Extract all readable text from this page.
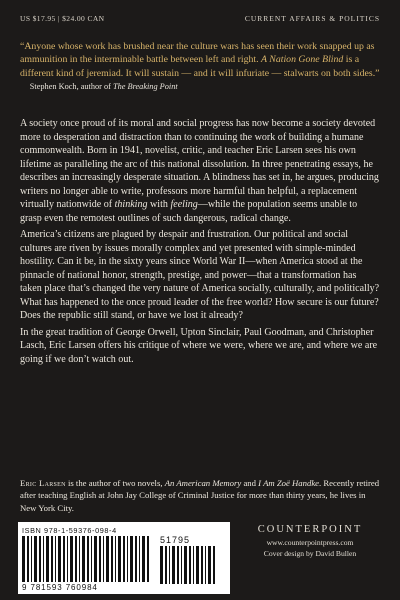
US $17.95 | $24.00 CAN	CURRENT AFFAIRS & POLITICS
“Anyone whose work has brushed near the culture wars has seen their work snapped up as ammunition in the interminable battle between left and right. A Nation Gone Blind is a different kind of jeremiad. It will sustain — and it will infuriate — stalwarts on both sides.”     Stephen Koch, author of The Breaking Point

A society once proud of its moral and social progress has now become a society devoted more to desperation and distraction than to continuing the work of building a humane commonwealth. Born in 1941, novelist, critic, and teacher Eric Larsen sees his own lifetime as paralleling the arc of this national dissolution. In three penetrating essays, he describes an increasingly desperate situation. A blindness has set in, he argues, producing writers no longer able to write, professors more harmful than helpful, a replacement virtually nationwide of thinking with feeling—while the population seems unable to grasp even the remotest outlines of such dangerous, radical change.

America’s citizens are plagued by despair and frustration. Our political and social cultures are riven by issues morally complex and yet presented with simple-minded hostility. Can it be, in the sixty years since World War II—when America stood at the pinnacle of national honor, strength, prestige, and power—that a transformation has taken place that’s changed the very nature of America socially, culturally, and politically? What has happened to the once proud leader of the free world? How secure is our future? Does the republic still stand, or have we lost it already?

In the great tradition of George Orwell, Upton Sinclair, Paul Goodman, and Christopher Lasch, Eric Larsen offers his critique of where we were, where we are, and where we are going if we don’t watch out.

Eric Larsen is the author of two novels, An American Memory and I Am Zoë Handke. Recently retired after teaching English at John Jay College of Criminal Justice for more than thirty years, he lives in New York City.
ISBN 978-1-59376-098-4
51795
9 781593 760984
COUNTERPOINT
www.counterpointpress.com
Cover design by David Bullen
